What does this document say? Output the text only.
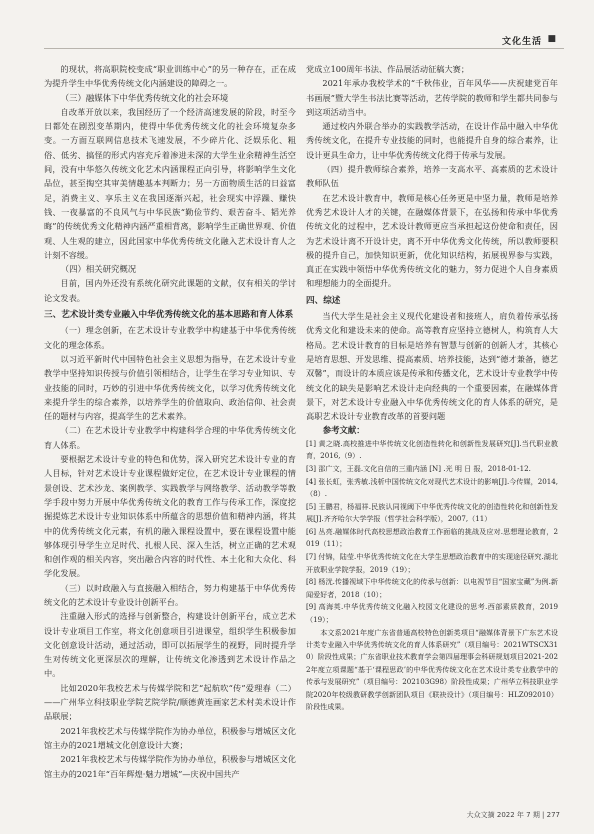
文化生活 ■

的现状，将高职院校变成“职业训练中心”的另一种存在，正在成为提升学生中华优秀传统文化内涵建设的障碍之一。

（三）融媒体下中华优秀传统文化的社会环境

自改革开放以来，我国经历了一个经济高速发展的阶段，时至今日都处在剧烈变革期内，使得中华优秀传统文化的社会环境复杂多变。一方面互联网信息技术飞速发展，不少碎片化、泛娱乐化、粗俗、低劣、搞怪的形式内容充斥着渗进未深的大学生业余精神生活空间，没有中华悠久传统文化艺术内涵课程正向引导，将影响学生文化品位，甚至掏空其审美情趣基本判断力；另一方面物质生活的日益富足，消费主义、享乐主义在我国逐渐兴起，社会现实中浮躁、赚快钱、一夜暴富的不良风气与中华民族“勤俭节约、艰苦奋斗、韬光养晦”的传统优秀文化精神内涵严重相背离，影响学生正确世界观、价值观、人生观的建立，因此国家中华优秀传统文化融入艺术设计育人之计刻不容缓。

（四）相关研究概况

目前，国内外还没有系统化研究此课题的文献，仅有相关的学讨论文发表。

三、艺术设计类专业融入中华优秀传统文化的基本思路和育人体系

（一）理念创新，在艺术设计专业教学中构建基于中华优秀传统文化的理念体系。

以习近平新时代中国特色社会主义思想为指导，在艺术设计专业教学中坚持知识传授与价值引领相结合，让学生在学习专业知识、专业技能的同时，巧妙的引进中华优秀传统文化，以学习优秀传统文化来提升学生的综合素养，以培养学生的价值取向、政治信仰、社会责任的题材与内容，提高学生的艺术素养。

（二）在艺术设计专业教学中构建科学合理的中华优秀传统文化育人体系。

要根据艺术设计专业的特色和优势，深入研究艺术设计专业的育人目标，针对艺术设计专业课程做好定位，在艺术设计专业课程的情景创设、艺术沙龙、案例教学、实践教学与网络教学、活动教学等教学手段中努力开展中华优秀传统文化的教育工作与传承工作，深度挖掘提炼艺术设计专业知识体系中所蕴含的思想价值和精神内涵，将其中的优秀传统文化元素，有机的融入课程设置中，要在课程设置中能够体现引导学生立足时代、扎根人民、深入生活，树立正确的艺术观和创作观的相关内容，突出融合内容的时代性、本土化和大众化、科学化发展。

（三）以时政融入与直接融入相结合，努力构建基于中华优秀传统文化的艺术设计专业设计创新平台。

注重融入形式的选择与创新整合，构建设计创新平台，成立艺术设计专业项目工作室，将文化创意项目引进课堂，组织学生积极参加文化创意设计活动，通过活动，即可以拓展学生的视野，同时提升学生对传统文化更深层次的理解，让传统文化渗透到艺术设计作品之中。

比如2020年我校艺术与传媒学院和艺“起航吹“传”爱理春（二）——广州华立科技职业学院艺院学院/顺德黄连画家艺术村美术设计作品联展；

2021年我校艺术与传媒学院作为协办单位，积极参与增城区文化馆主办的2021增城文化创意设计大赛；

2021年我校艺术与传媒学院作为协办单位，积极参与增城区文化馆主办的2021年“百年辉煌·魅力增城”—庆祝中国共产

党成立100周年书法、作品展活动征稿大赛；

2021年承办我校学术的“千秋伟业，百年风华——庆祝建党百年书画展”暨大学生书法比赛等活动，艺传学院的教师和学生都共同参与到这项活动当中。

通过校内外联合举办的实践教学活动，在设计作品中融入中华优秀传统文化，在提升专业技能的同时，也能提升自身的综合素养，让设计更具生命力，让中华优秀传统文化得于传承与发展。

（四）提升教师综合素养，培养一支高水平、高素质的艺术设计教师队伍

在艺术设计教育中，教师是核心任务更是中坚力量，教师是培养优秀艺术设计人才的关键，在融媒体背景下，在弘扬和传承中华优秀传统文化的过程中，艺术设计教师更应当承担起这份使命和责任，因为艺术设计离不开设计史，离不开中华优秀文化传统，所以教师要积极的提升自己，加快知识更新，优化知识结构，拓展视界参与实践，真正在实践中领悟中华优秀传统文化的魅力，努力促进个人自身素质和理想能力的全面提升。

四、综述

当代大学生是社会主义现代化建设者和接班人，肩负着传承弘扬优秀文化和建设未来的使命。高等教育应坚持立德树人，构筑育人大格局。艺术设计教育的目标是培养有智慧与创新的创新人才，其核心是培育思想、开发思维、提高素质、培养技能，达到“德才兼备，德艺双馨”，而设计的本质应该是传承和传播文化，艺术设计专业教学中传统文化的缺失是影响艺术设计走向经典的一个重要因素，在融媒体背景下，对艺术设计专业融入中华优秀传统文化的育人体系的研究，是高职艺术设计专业教育改革的首要问题

参考文献：

[1] 黄之晓.高校推进中华传统文化创造性转化和创新性发展研究[J].当代职业教育，2016,（9）.

[3] 邵广文，王磊.文化自信的三重内涵 [N] .光 明 日 报，2018-01-12.

[4] 张长虹，张秀敏.浅析中国传统文化对现代艺术设计的影响[J].今传媒，2014,（8）.

[5] 王鹏君，杨福祥.民族认同视阈下中华优秀传统文化的创造性转化和创新性发展[J].齐齐哈尔大学学报（哲学社会科学版），2007,（11）

[6] 丛亮.融媒体时代高校思想政治教育工作面临的挑战及应对.思想理论教育，2019（11）；

[7] 付锦，陆莹.中华优秀传统文化在大学生思想政治教育中的实现途径研究.湖北开放职业学院学报，2019（19）；

[8] 杨洸.传播视域下中华传统文化的传承与创新：以电视节目“国家宝藏”为例.新闻爱好者，2018（10）；

[9] 高海英.中华优秀传统文化融入校园文化建设的思考.西部素质教育，2019（19）；

本文系2021年度广东省普通高校特色创新类项目“融媒体背景下广东艺术设计类专业融入中华优秀传统文化的育人体系研究”（项目编号：2021WTSCX310）阶段性成果；广东省职业技术教育学会第四届理事会科研规划项目2021-2022年度立项课题“基于‘课程思政’的中华优秀传统文化在艺术设计类专业教学中的传承与发展研究”（项目编号：202103G98）阶段性成果；广州华立科技职业学院2020年校级教研教学创新团队项目《联袂设计》（项目编号：HLZ092010）阶段性成果。

大众文摘 2022 年 7 期 | 277
